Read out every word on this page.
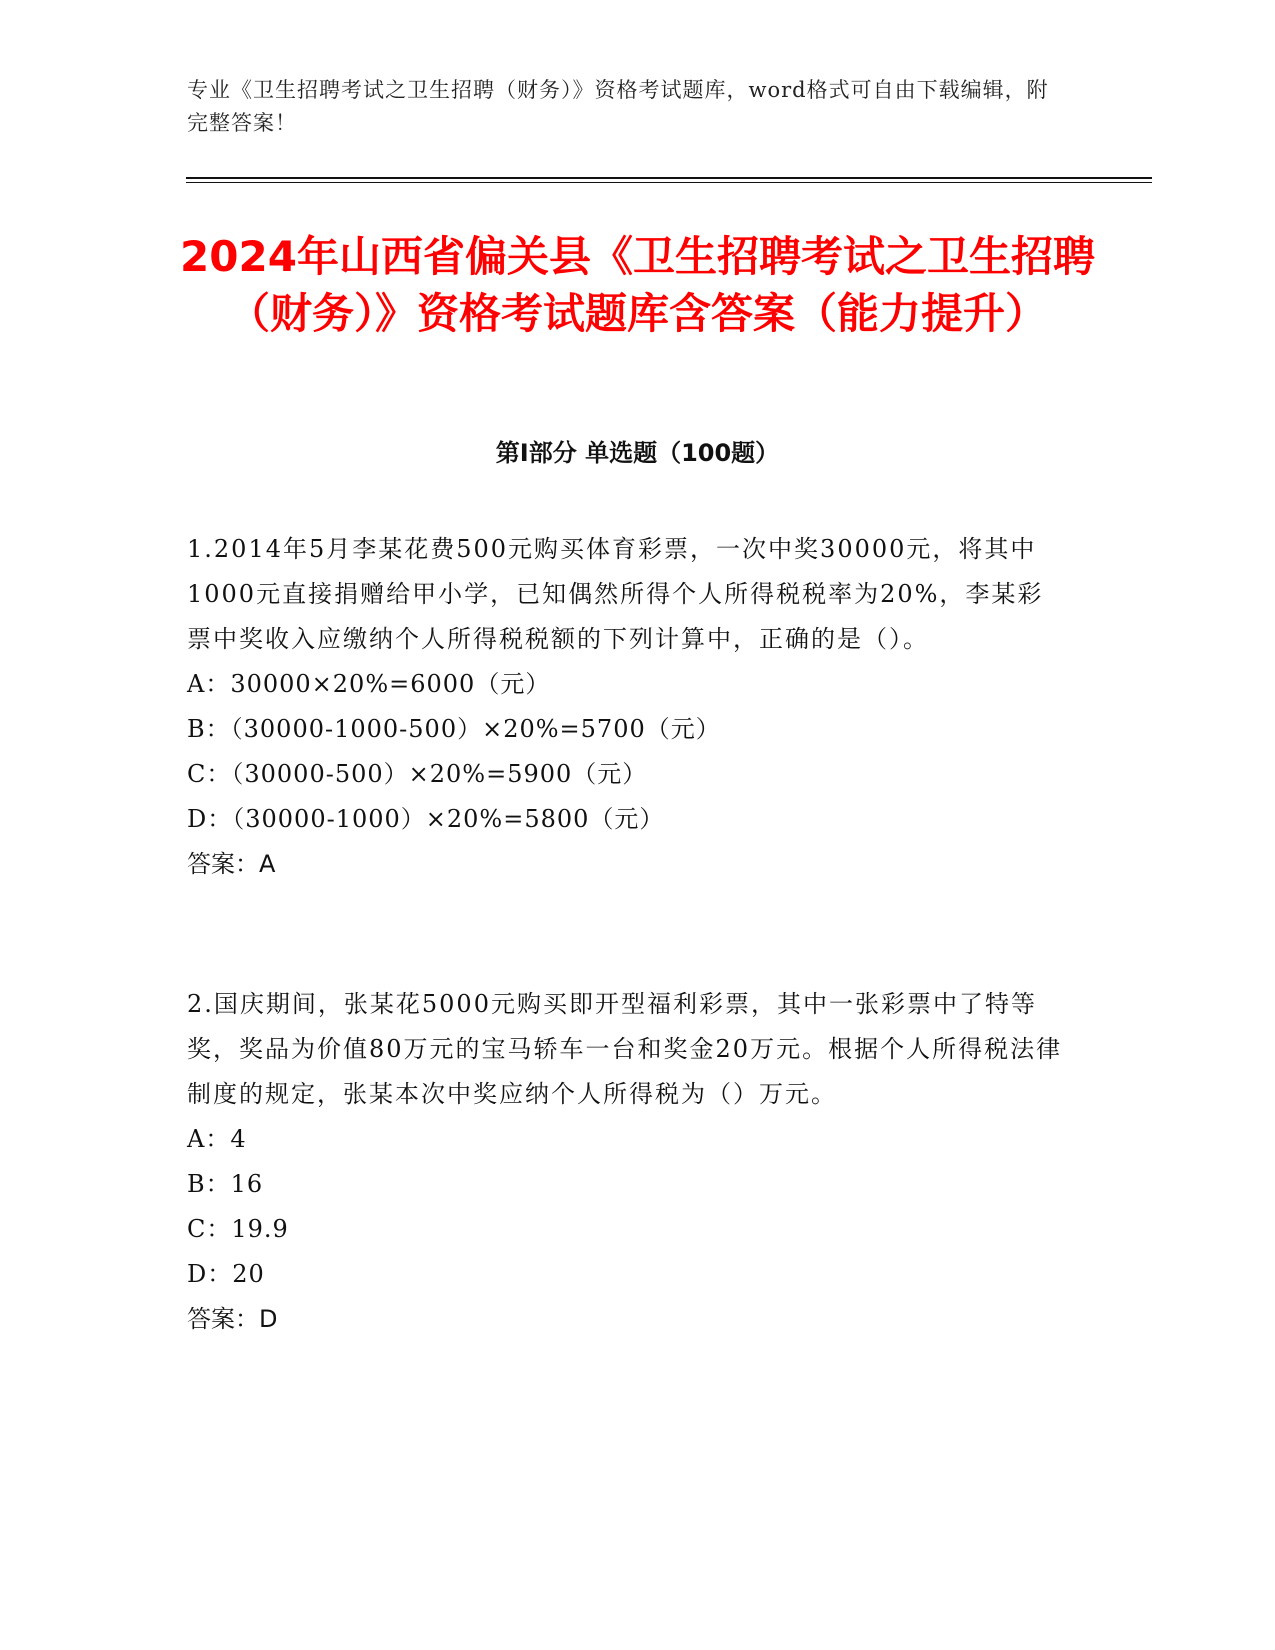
专业《卫生招聘考试之卫生招聘（财务）》资格考试题库，word格式可自由下载编辑，附完整答案！
2024年山西省偏关县《卫生招聘考试之卫生招聘（财务）》资格考试题库含答案（能力提升）
第Ⅰ部分 单选题（100题）
1.2014年5月李某花费500元购买体育彩票，一次中奖30000元，将其中1000元直接捐赠给甲小学，已知偶然所得个人所得税税率为20%，李某彩票中奖收入应缴纳个人所得税税额的下列计算中，正确的是（）。
A：30000×20%=6000（元）
B：（30000-1000-500）×20%=5700（元）
C：（30000-500）×20%=5900（元）
D：（30000-1000）×20%=5800（元）
答案：A
2.国庆期间，张某花5000元购买即开型福利彩票，其中一张彩票中了特等奖，奖品为价值80万元的宝马轿车一台和奖金20万元。根据个人所得税法律制度的规定，张某本次中奖应纳个人所得税为（）万元。
A：4
B：16
C：19.9
D：20
答案：D
